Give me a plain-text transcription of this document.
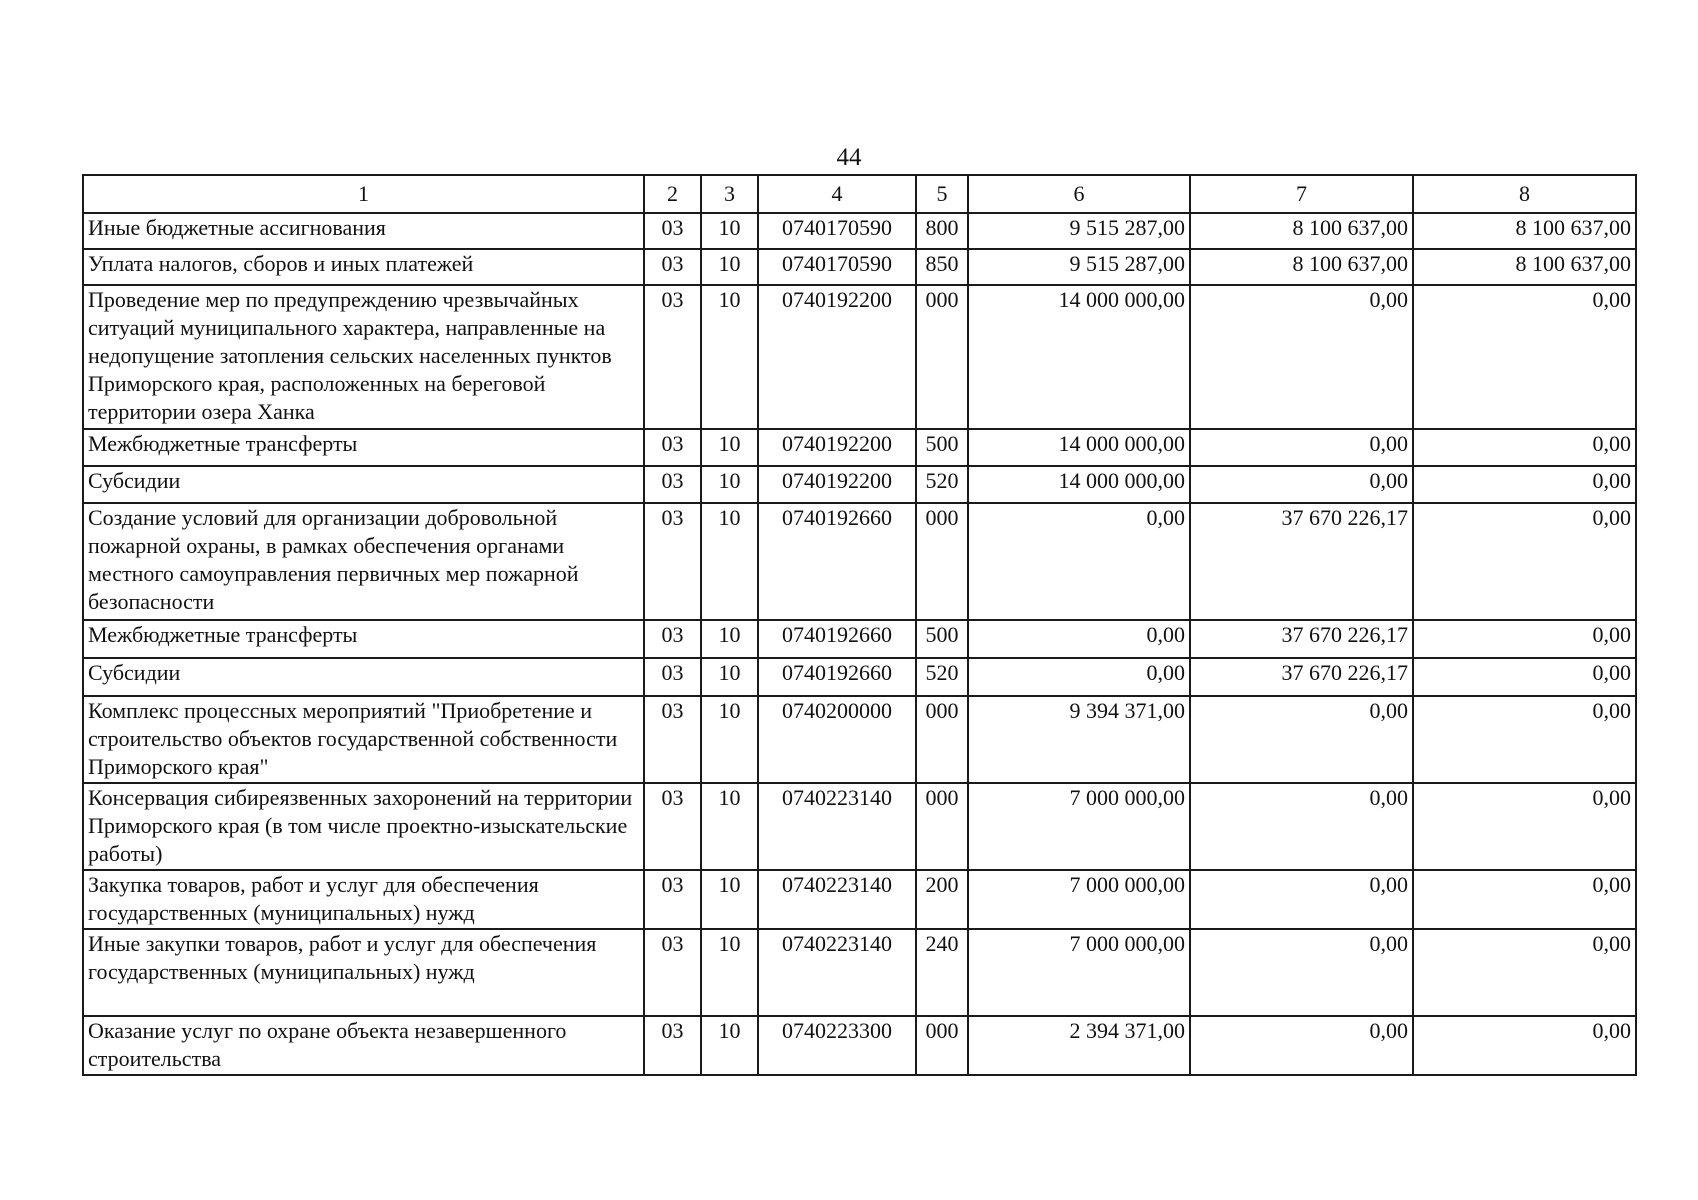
44
1	2	3	4	5	6	7	8
Иные бюджетные ассигнования	03	10	0740170590	800	9 515 287,00	8 100 637,00	8 100 637,00
Уплата налогов, сборов и иных платежей	03	10	0740170590	850	9 515 287,00	8 100 637,00	8 100 637,00
Проведение мер по предупреждению чрезвычайных ситуаций муниципального характера, направленные на недопущение затопления сельских населенных пунктов Приморского края, расположенных на береговой территории озера Ханка	03	10	0740192200	000	14 000 000,00	0,00	0,00
Межбюджетные трансферты	03	10	0740192200	500	14 000 000,00	0,00	0,00
Субсидии	03	10	0740192200	520	14 000 000,00	0,00	0,00
Создание условий для организации добровольной пожарной охраны, в рамках обеспечения органами местного самоуправления первичных мер пожарной безопасности	03	10	0740192660	000	0,00	37 670 226,17	0,00
Межбюджетные трансферты	03	10	0740192660	500	0,00	37 670 226,17	0,00
Субсидии	03	10	0740192660	520	0,00	37 670 226,17	0,00
Комплекс процессных мероприятий "Приобретение и строительство объектов государственной собственности Приморского края"	03	10	0740200000	000	9 394 371,00	0,00	0,00
Консервация сибиреязвенных захоронений на территории Приморского края (в том числе проектно-изыскательские работы)	03	10	0740223140	000	7 000 000,00	0,00	0,00
Закупка товаров, работ и услуг для обеспечения государственных (муниципальных) нужд	03	10	0740223140	200	7 000 000,00	0,00	0,00
Иные закупки товаров, работ и услуг для обеспечения государственных (муниципальных) нужд	03	10	0740223140	240	7 000 000,00	0,00	0,00
Оказание услуг по охране объекта незавершенного строительства	03	10	0740223300	000	2 394 371,00	0,00	0,00
